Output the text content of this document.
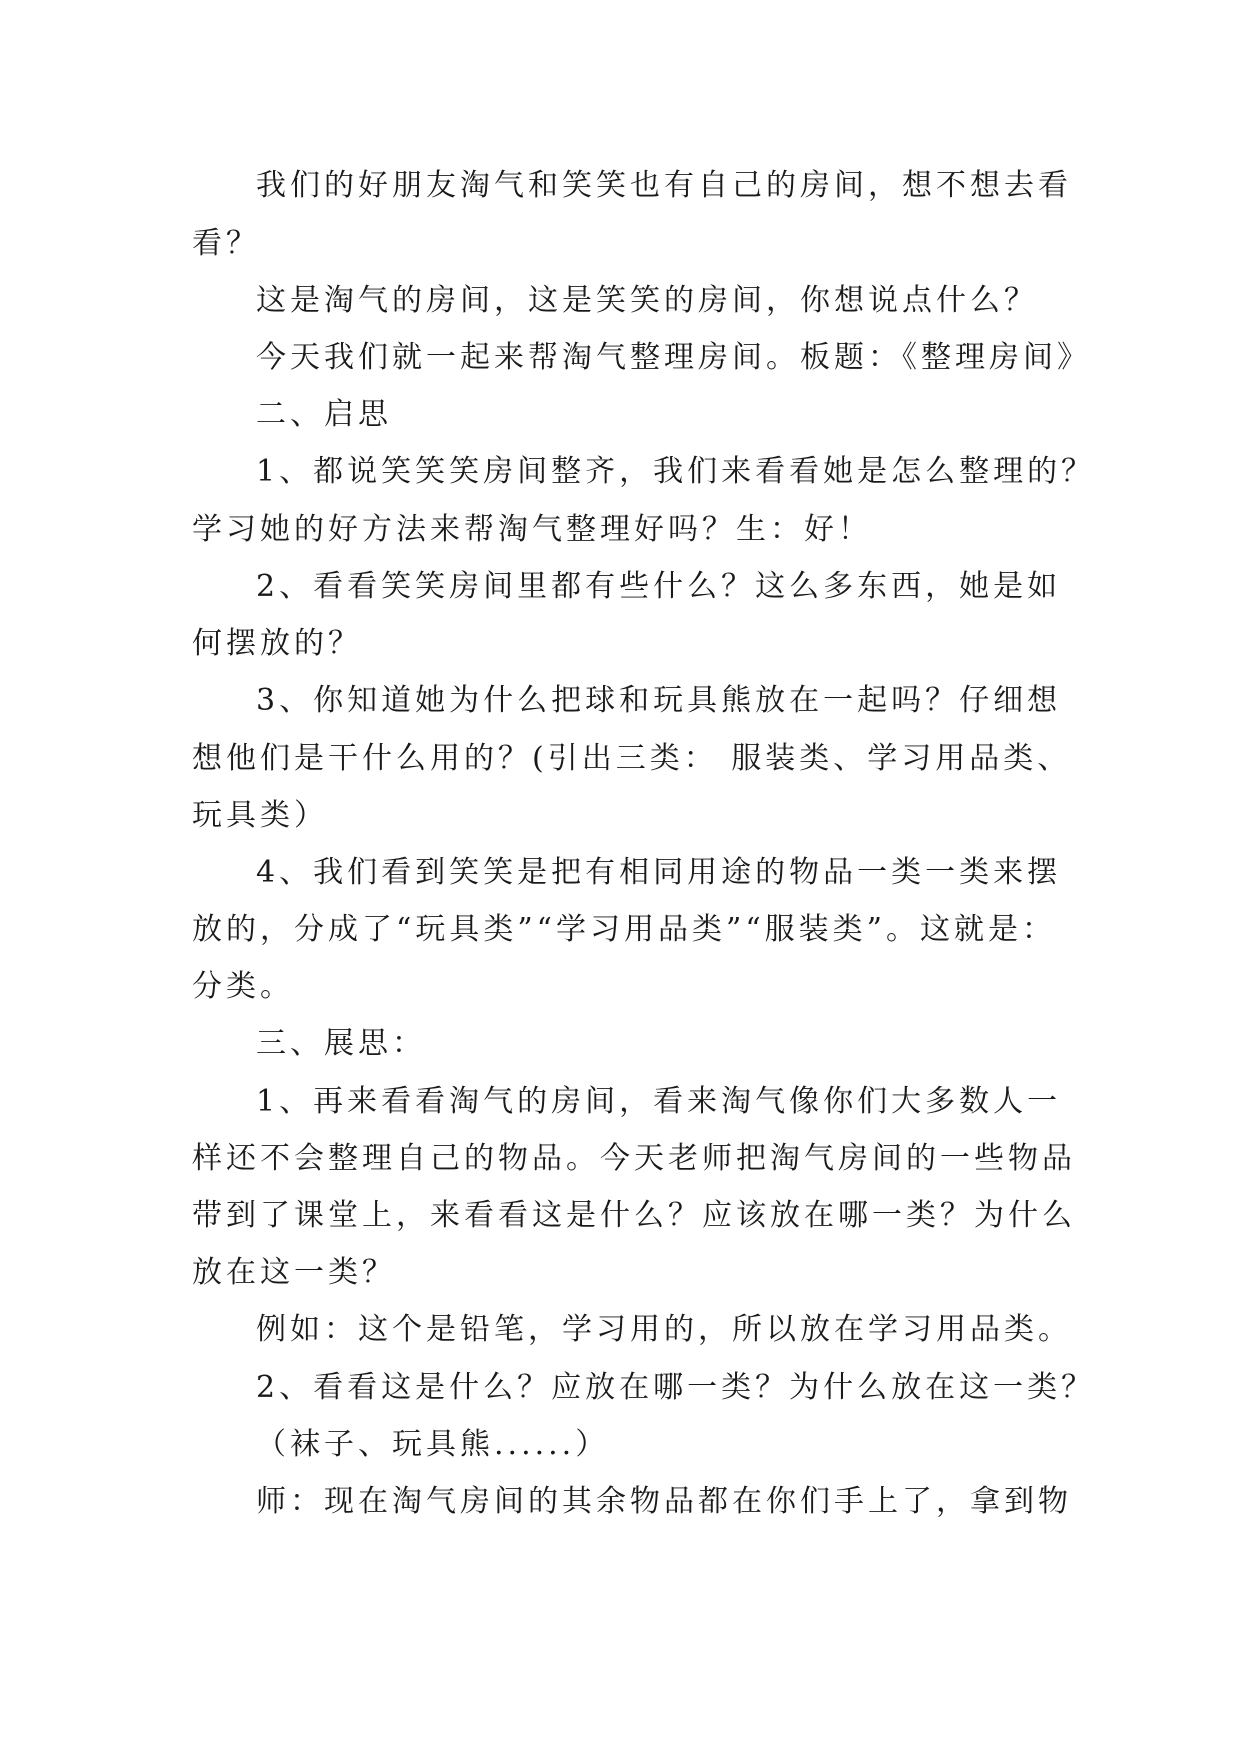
我们的好朋友淘气和笑笑也有自己的房间，想不想去看
看？
这是淘气的房间，这是笑笑的房间，你想说点什么？
今天我们就一起来帮淘气整理房间。板题：《整理房间》
二、启思
1、都说笑笑笑房间整齐，我们来看看她是怎么整理的？
学习她的好方法来帮淘气整理好吗？生：好！
2、看看笑笑房间里都有些什么？这么多东西，她是如
何摆放的？
3、你知道她为什么把球和玩具熊放在一起吗？仔细想
想他们是干什么用的？(引出三类： 服装类、学习用品类、
玩具类）
4、我们看到笑笑是把有相同用途的物品一类一类来摆
放的，分成了“玩具类”“学习用品类”“服装类”。这就是：
分类。
三、展思：
1、再来看看淘气的房间，看来淘气像你们大多数人一
样还不会整理自己的物品。今天老师把淘气房间的一些物品
带到了课堂上，来看看这是什么？应该放在哪一类？为什么
放在这一类？
例如：这个是铅笔，学习用的，所以放在学习用品类。
2、看看这是什么？应放在哪一类？为什么放在这一类？
（袜子、玩具熊......）
师：现在淘气房间的其余物品都在你们手上了，拿到物
